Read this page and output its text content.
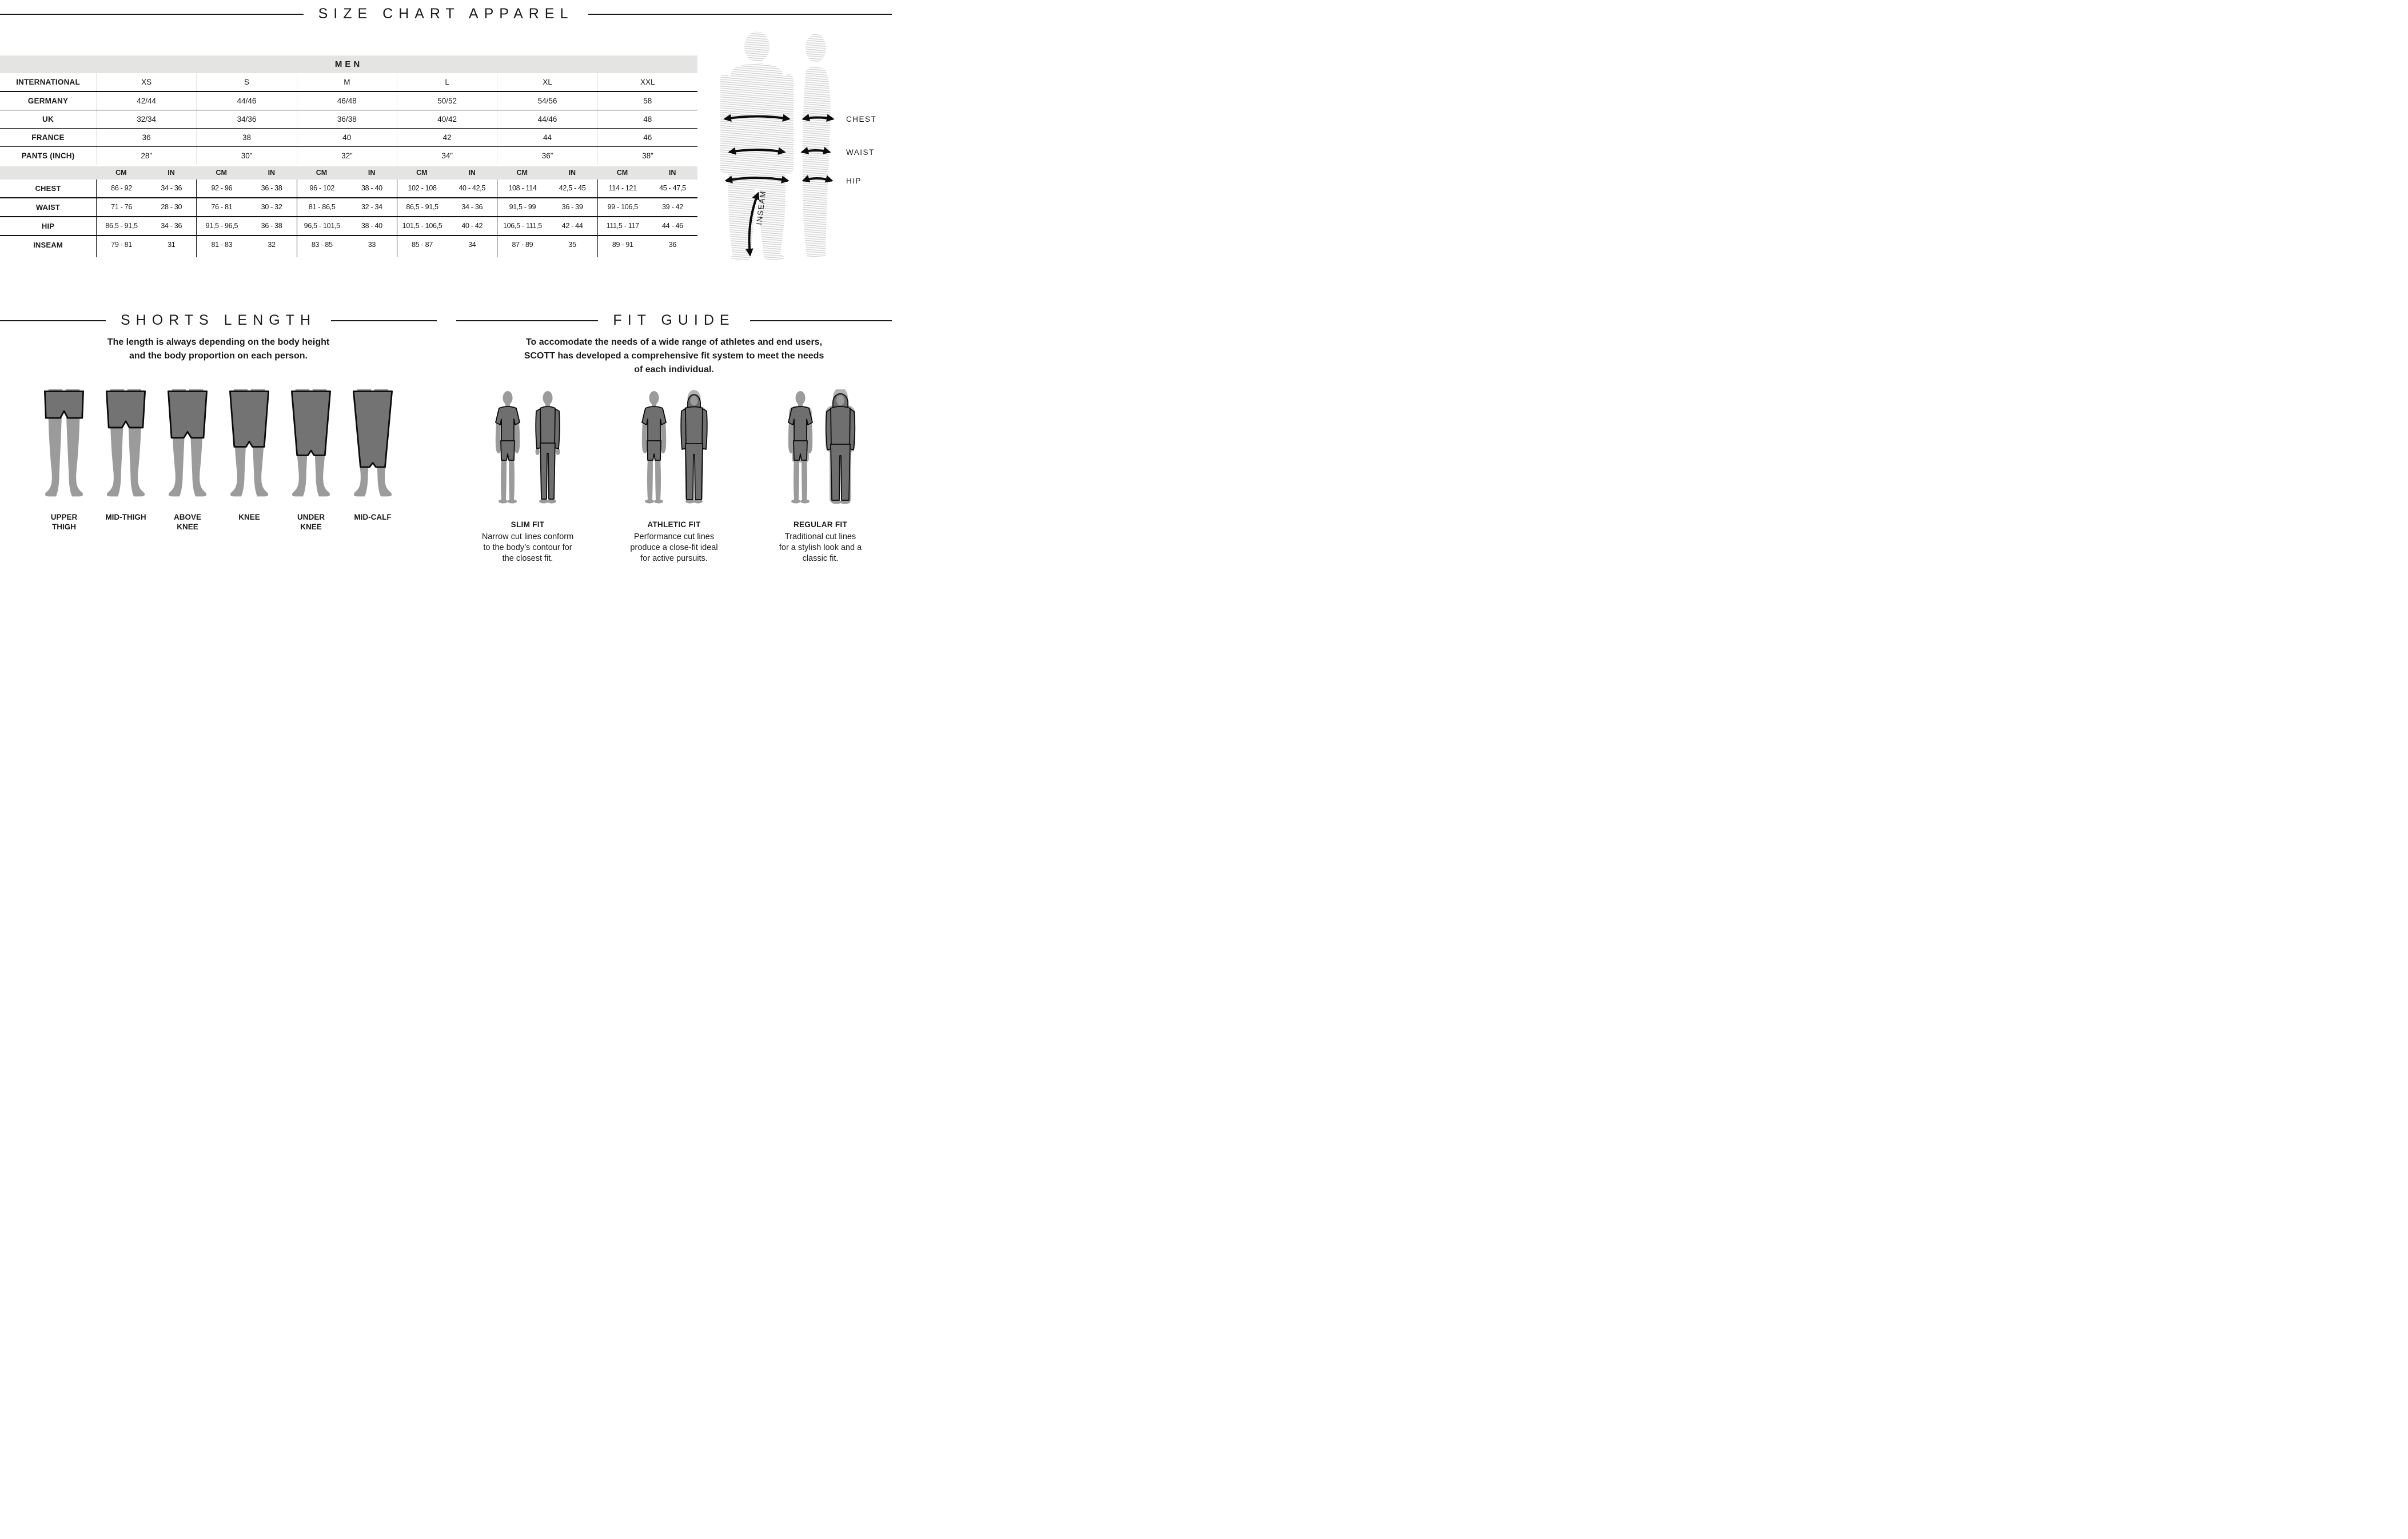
SIZE CHART APPAREL
MEN
INTERNATIONAL	XS	S	M	L	XL	XXL
GERMANY	42/44	44/46	46/48	50/52	54/56	58
UK	32/34	34/36	36/38	40/42	44/46	48
FRANCE	36	38	40	42	44	46
PANTS (INCH)	28”	30”	32”	34”	36”	38”
CM	IN	CM	IN	CM	IN	CM	IN	CM	IN	CM	IN
CHEST	86 - 92	34 - 36	92 - 96	36 - 38	96 - 102	38 - 40	102 - 108	40 - 42,5	108 - 114	42,5 - 45	114 - 121	45 - 47,5
WAIST	71 - 76	28 - 30	76 - 81	30 - 32	81 - 86,5	32 - 34	86,5 - 91,5	34 - 36	91,5 - 99	36 - 39	99 - 106,5	39 - 42
HIP	86,5 - 91,5	34 - 36	91,5 - 96,5	36 - 38	96,5 - 101,5	38 - 40	101,5 - 106,5	40 - 42	106,5 - 111,5	42 - 44	111,5 - 117	44 - 46
INSEAM	79 - 81	31	81 - 83	32	83 - 85	33	85 - 87	34	87 - 89	35	89 - 91	36
CHEST
WAIST
HIP
INSEAM
SHORTS LENGTH
The length is always depending on the body height
and the body proportion on each person.
UPPER
THIGH
MID-THIGH	ABOVE
KNEE
KNEE	UNDER
KNEE
MID-CALF
FIT GUIDE
To accomodate the needs of a wide range of athletes and end users,
SCOTT has developed a comprehensive fit system to meet the needs
of each individual.
SLIM FIT
Narrow cut lines conform
to the body’s contour for
the closest fit.
ATHLETIC FIT
Performance cut lines
produce a close-fit ideal
for active pursuits.
REGULAR FIT
Traditional cut lines
for a stylish look and a
classic fit.
